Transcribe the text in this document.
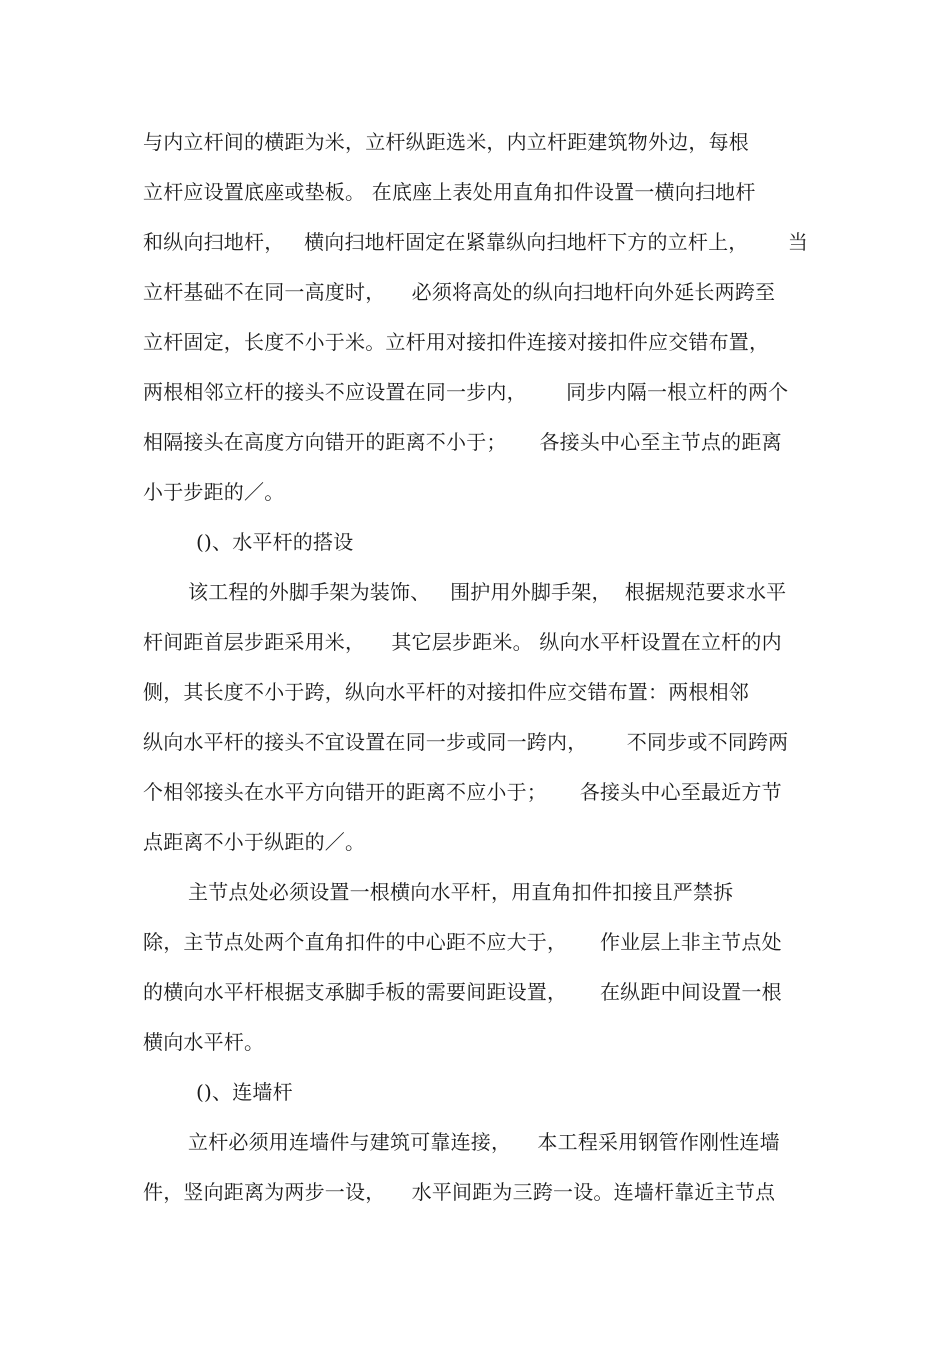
与内立杆间的横距为米，立杆纵距选米，内立杆距建筑物外边，每根
立杆应设置底座或垫板。 在底座上表处用直角扣件设置一横向扫地杆
和纵向扫地杆，   横向扫地杆固定在紧靠纵向扫地杆下方的立杆上，      当
立杆基础不在同一高度时，    必须将高处的纵向扫地杆向外延长两跨至
立杆固定，长度不小于米。立杆用对接扣件连接对接扣件应交错布置，
两根相邻立杆的接头不应设置在同一步内，      同步内隔一根立杆的两个
相隔接头在高度方向错开的距离不小于；     各接头中心至主节点的距离
小于步距的／。
()、水平杆的搭设
该工程的外脚手架为装饰、   围护用外脚手架，  根据规范要求水平
杆间距首层步距采用米，    其它层步距米。 纵向水平杆设置在立杆的内
侧，其长度不小于跨，纵向水平杆的对接扣件应交错布置：两根相邻
纵向水平杆的接头不宜设置在同一步或同一跨内，      不同步或不同跨两
个相邻接头在水平方向错开的距离不应小于；     各接头中心至最近方节
点距离不小于纵距的／。
主节点处必须设置一根横向水平杆，用直角扣件扣接且严禁拆
除，主节点处两个直角扣件的中心距不应大于，     作业层上非主节点处
的横向水平杆根据支承脚手板的需要间距设置，     在纵距中间设置一根
横向水平杆。
()、连墙杆
立杆必须用连墙件与建筑可靠连接，    本工程采用钢管作刚性连墙
件，竖向距离为两步一设，    水平间距为三跨一设。连墙杆靠近主节点
